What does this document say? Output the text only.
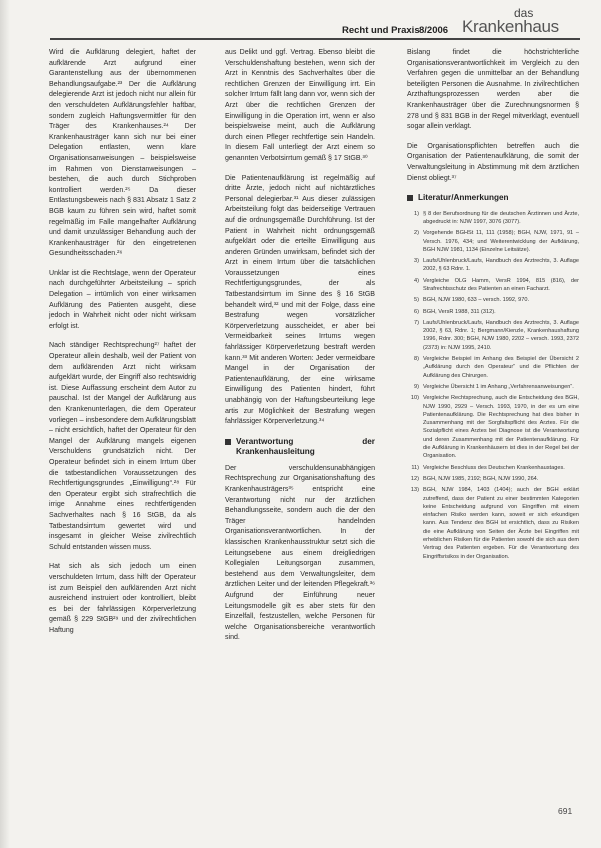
Recht und Praxis 8/2006
das
Krankenhaus

Wird die Aufklärung delegiert, haftet der aufklärende Arzt aufgrund einer Garantenstellung aus der übernommenen Behandlungsaufgabe.²³ Der die Aufklärung delegierende Arzt ist jedoch nicht nur allein für den verschuldeten Aufklärungsfehler haftbar, sondern zugleich Haftungsvermittler für den Träger des Krankenhauses.²⁴ Der Krankenhausträger kann sich nur bei einer Delegation entlasten, wenn klare Organisationsanweisungen – beispielsweise im Rahmen von Dienstanweisungen – bestehen, die auch durch Stichproben kontrolliert werden.²⁵ Da dieser Entlastungsbeweis nach § 831 Absatz 1 Satz 2 BGB kaum zu führen sein wird, haftet somit regelmäßig im Falle mangelhafter Aufklärung und damit unzulässiger Behandlung auch der Krankenhausträger für den eingetretenen Gesundheitsschaden.²⁶

Unklar ist die Rechtslage, wenn der Operateur nach durchgeführter Arbeitsteilung – sprich Delegation – irrtümlich von einer wirksamen Aufklärung des Patienten ausgeht, diese jedoch in Wahrheit nicht oder nicht wirksam erfolgt ist.

Nach ständiger Rechtsprechung²⁷ haftet der Operateur allein deshalb, weil der Patient von dem aufklärenden Arzt nicht wirksam aufgeklärt wurde, der Eingriff also rechtswidrig ist. Diese Auffassung erscheint dem Autor zu pauschal. Ist der Mangel der Aufklärung aus den Krankenunterlagen, die dem Operateur vorliegen – insbesondere dem Aufklärungsblatt – nicht ersichtlich, haftet der Operateur für den Mangel der Aufklärung mangels eigenen Verschuldens grundsätzlich nicht. Der Operateur befindet sich in einem Irrtum über die tatbestandlichen Voraussetzungen des Rechtfertigungsgrundes „Einwilligung“.²⁸ Für den Operateur ergibt sich strafrechtlich die irrige Annahme eines rechtfertigenden Sachverhaltes nach § 16 StGB, da als Tatbestandsirrtum gewertet wird und insgesamt in gleicher Weise zivilrechtlich Schuld entstanden wissen muss.

Hat sich als sich jedoch um einen verschuldeten Irrtum, dass hilft der Operateur ist zum Beispiel den aufklärenden Arzt nicht ausreichend instruiert oder kontrolliert, bleibt es bei der fahrlässigen Körperverletzung gemäß § 229 StGB²⁹ und der zivilrechtlichen Haftung

aus Delikt und ggf. Vertrag. Ebenso bleibt die Verschuldenshaftung bestehen, wenn sich der Arzt in Kenntnis des Sachverhaltes über die rechtlichen Grenzen der Einwilligung irrt. Ein solcher Irrtum fällt lang dann vor, wenn sich der Arzt über die rechtlichen Grenzen der Einwilligung in die Operation irrt, wenn er also beispielsweise meint, auch die Aufklärung durch einen Pfleger rechtfertige sein Handeln. In diesem Fall unterliegt der Arzt einem so genannten Verbotsirrtum gemäß § 17 StGB.³⁰

Die Patientenaufklärung ist regelmäßig auf dritte Ärzte, jedoch nicht auf nichtärztliches Personal delegierbar.³¹ Aus dieser zulässigen Arbeitsteilung folgt das beiderseitige Vertrauen auf die ordnungsgemäße Durchführung. Ist der Patient in Wahrheit nicht ordnungsgemäß aufgeklärt oder die erteilte Einwilligung aus anderen Gründen unwirksam, befindet sich der Arzt in einem Irrtum über die tatsächlichen Voraussetzungen eines Rechtfertigungsgrundes, der als Tatbestandsirrtum im Sinne des § 16 StGB behandelt wird,³² und mit der Folge, dass eine Bestrafung wegen vorsätzlicher Körperverletzung ausscheidet, er aber bei Vermeidbarkeit seines Irrtums wegen fahrlässiger Körperverletzung bestraft werden kann.³³ Mit anderen Worten: Jeder vermeidbare Mangel in der Organisation der Patientenaufklärung, der eine wirksame Einwilligung des Patienten hindert, führt unabhängig von der Haftungsbeurteilung lege artis zur Möglichkeit der Bestrafung wegen fahrlässiger Körperverletzung.³⁴

Verantwortung der Krankenhausleitung

Der verschuldensunabhängigen Rechtsprechung zur Organisationshaftung des Krankenhausträgers³⁵ entspricht eine Verantwortung nicht nur der ärztlichen Behandlungsseite, sondern auch die der den Träger handelnden Organisationsverantwortlichen. In der klassischen Krankenhausstruktur setzt sich die Leitungsebene aus einem dreigliedrigen Kollegialen Leitungsorgan zusammen, bestehend aus dem Verwaltungsleiter, dem ärztlichen Leiter und der leitenden Pflegekraft.³⁶ Aufgrund der Einführung neuer Leitungsmodelle gilt es aber stets für den Einzelfall, festzustellen, welche Personen für welche Organisationsbereiche verantwortlich sind.

Bislang findet die höchstrichterliche Organisationsverantwortlichkeit im Vergleich zu den Verfahren gegen die unmittelbar an der Behandlung beteiligten Personen die Ausnahme. In zivilrechtlichen Arzthaftungsprozessen werden aber die Krankenhausträger über die Zurechnungsnormen § 278 und § 831 BGB in der Regel mitverklagt, eventuell sogar allein verklagt.

Die Organisationspflichten betreffen auch die Organisation der Patientenaufklärung, die somit der Verwaltungsleitung in Abstimmung mit dem ärztlichen Dienst obliegt.³⁷

Literatur/Anmerkungen
1) § 8 der Berufsordnung für die deutschen Ärztinnen und Ärzte, abgedruckt in: NJW 1997, 3076 (3077).
2) Vorgehende BGHSt 11, 111 (1958); BGH, NJW, 1971, 91 – Versch. 1976, 434; und Weiterentwicklung der Aufklärung, BGH NJW 1981, 1134 (Einzelne Leitsätze).
3) Laufs/Uhlenbruck/Laufs, Handbuch des Arztrechts, 3. Auflage 2002, § 63 Rdnr. 1.
4) Vergleiche OLG Hamm, VersR 1994, 815 (816), der Strafrechtsschutz des Patienten an einen Facharzt.
5) BGH, NJW 1980, 633 – versch. 1992, 970.
6) BGH, VersR 1988, 311 (312).
7) Laufs/Uhlenbruck/Laufs, Handbuch des Arztrechts, 3. Auflage 2002, § 63, Rdnr. 1; Bergmann/Kienzle, Krankenhaushaftung 1996, Rdnr. 300; BGH, NJW 1980, 2202 – versch. 1993, 2372 (2373) in: NJW 1995, 2410.
8) Vergleiche Beispiel im Anhang des Beispiel der Übersicht 2 „Aufklärung durch den Operateur“ und die Pflichten der Aufklärung des Chirurgen.
9) Vergleiche Übersicht 1 im Anhang „Verfahrensanweisungen“.
10) Vergleiche Rechtsprechung, auch die Entscheidung des BGH, NJW 1990, 2929 – Versch. 1993, 1970, in der es um eine Patientenaufklärung. Die Rechtsprechung hat dies bisher in Zusammenhang mit der Sorgfaltspflicht des Arztes. Für die Sozialpflicht eines Arztes bei Diagnose ist die Verantwortung und deren Zusammenhang mit der Patientenaufklärung. Für die Aufklärung in Krankenhäusern ist dies in der Regel bei der Organisation.
11) Vergleiche Beschluss des Deutschen Krankenhaustages.
12) BGH, NJW 1985, 2192; BGH, NJW 1990, 264.
13) BGH, NJW 1984, 1403 (1404); auch der BGH erklärt zutreffend, dass der Patient zu einer bestimmten Kategorien keine Entscheidung aufgrund von Eingriffen mit einem einfachen Risiko werden kann, soweit er sich erkundigen kann. Aus Tendenz des BGH ist ersichtlich, dass zu Risiken die eine Aufklärung von Seiten der Ärzte bei Eingriffen mit erheblichen Risiken für die Patienten sowohl die sich aus dem Vertrag des Patienten ergeben. Für die Verantwortung des Eingriffsrisikos in der Organisation.
691
